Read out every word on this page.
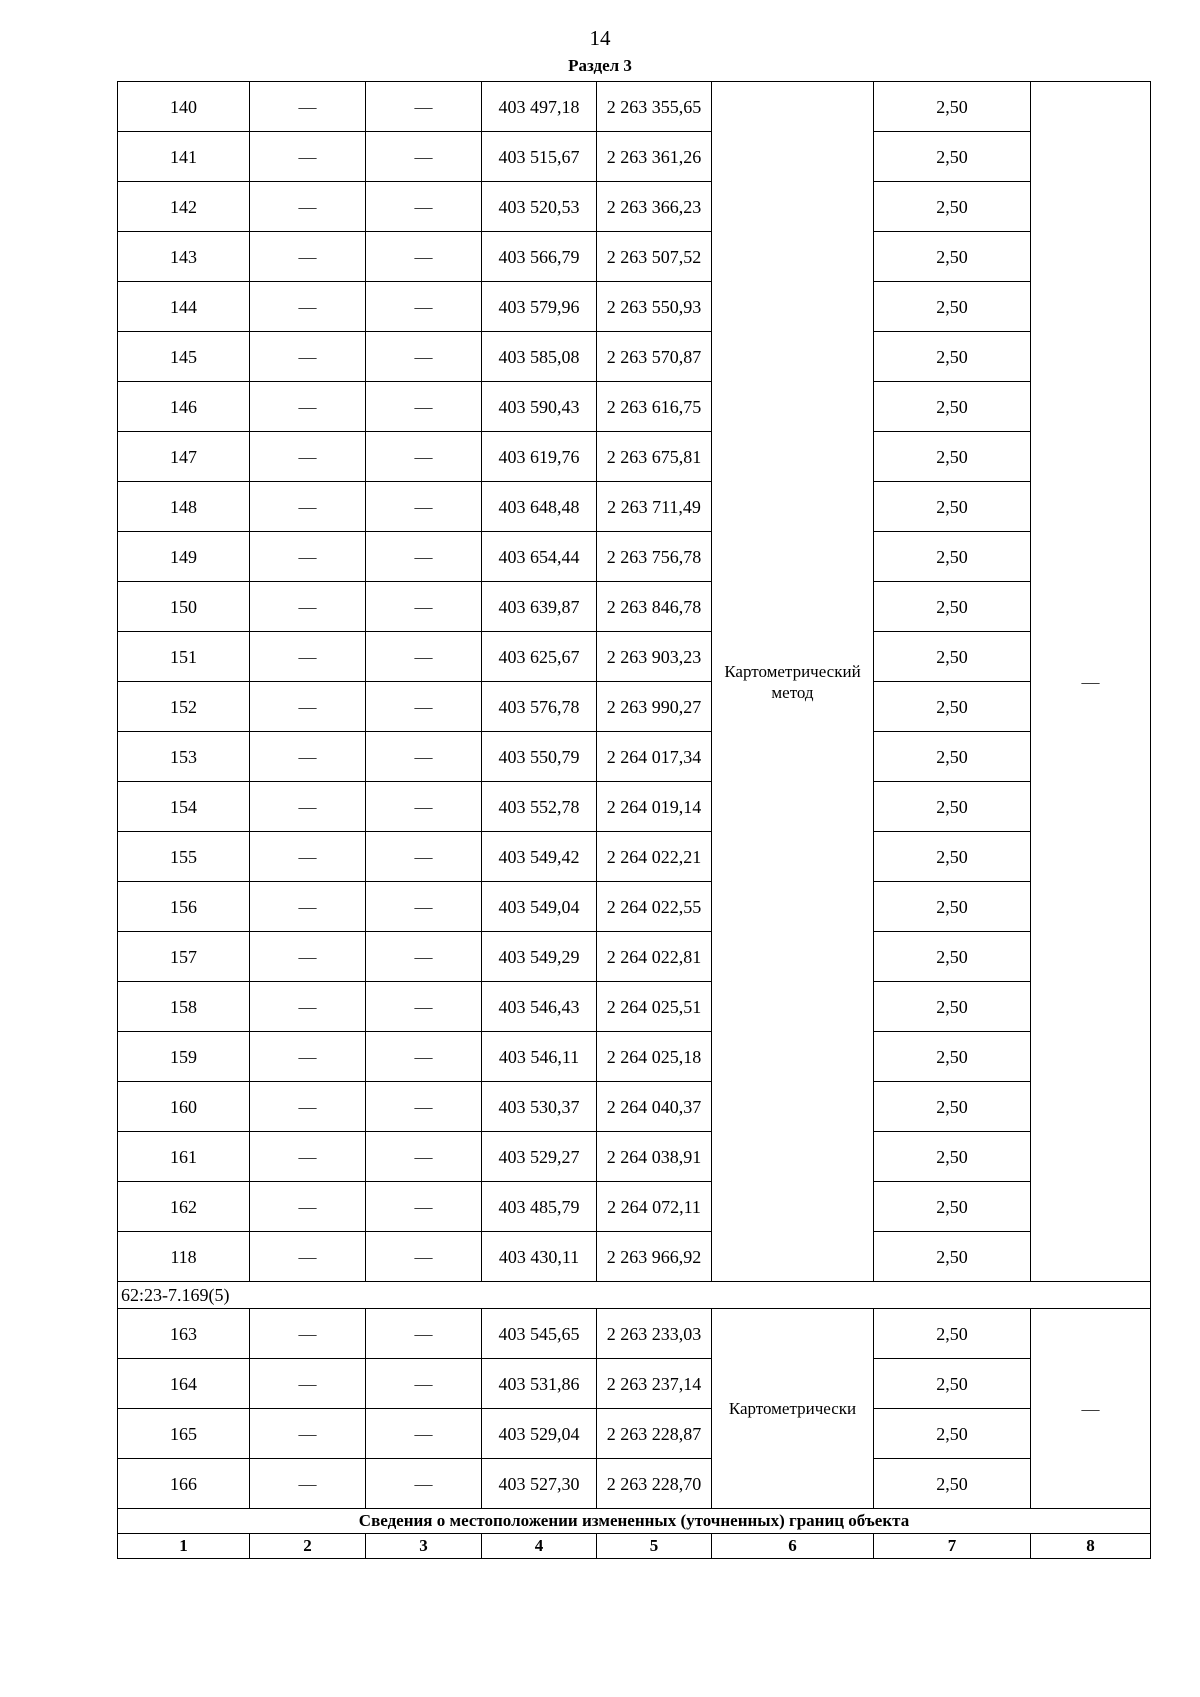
14
Раздел 3
140	—	—	403 497,18	2 263 355,65	Картометрический метод	2,50	—
141	—	—	403 515,67	2 263 361,26		2,50	
142	—	—	403 520,53	2 263 366,23		2,50	
143	—	—	403 566,79	2 263 507,52		2,50	
144	—	—	403 579,96	2 263 550,93		2,50	
145	—	—	403 585,08	2 263 570,87		2,50	
146	—	—	403 590,43	2 263 616,75		2,50	
147	—	—	403 619,76	2 263 675,81		2,50	
148	—	—	403 648,48	2 263 711,49		2,50	
149	—	—	403 654,44	2 263 756,78		2,50	
150	—	—	403 639,87	2 263 846,78		2,50	
151	—	—	403 625,67	2 263 903,23		2,50	
152	—	—	403 576,78	2 263 990,27		2,50	
153	—	—	403 550,79	2 264 017,34		2,50	
154	—	—	403 552,78	2 264 019,14		2,50	
155	—	—	403 549,42	2 264 022,21		2,50	
156	—	—	403 549,04	2 264 022,55		2,50	
157	—	—	403 549,29	2 264 022,81		2,50	
158	—	—	403 546,43	2 264 025,51		2,50	
159	—	—	403 546,11	2 264 025,18		2,50	
160	—	—	403 530,37	2 264 040,37		2,50	
161	—	—	403 529,27	2 264 038,91		2,50	
162	—	—	403 485,79	2 264 072,11		2,50	
118	—	—	403 430,11	2 263 966,92		2,50	
62:23-7.169(5)							
163	—	—	403 545,65	2 263 233,03	Картометрически	2,50	—
164	—	—	403 531,86	2 263 237,14		2,50	
165	—	—	403 529,04	2 263 228,87		2,50	
166	—	—	403 527,30	2 263 228,70		2,50	
Сведения о местоположении измененных (уточненных) границ объекта							
1	2	3	4	5	6	7	8
